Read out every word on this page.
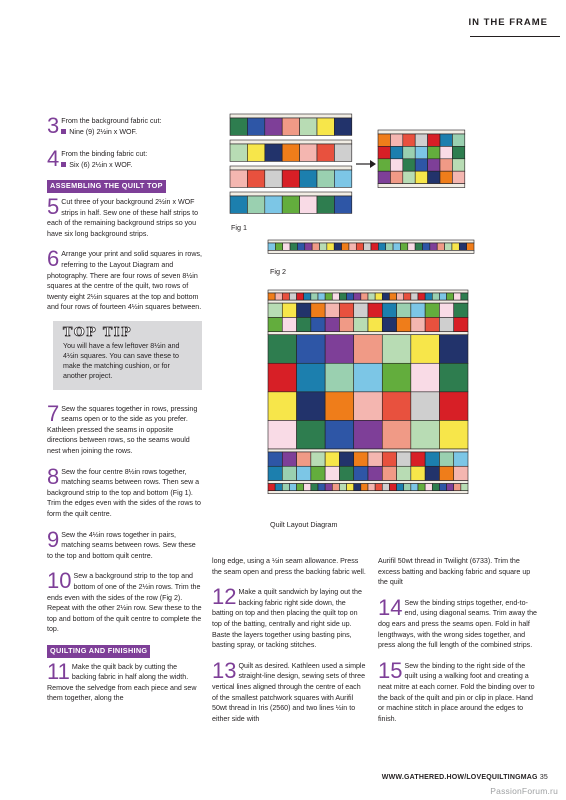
IN THE FRAME
3 From the background fabric cut:
Nine (9) 2½in x WOF.
4 From the binding fabric cut:
Six (6) 2½in x WOF.
ASSEMBLING THE QUILT TOP
5 Cut three of your background 2½in x WOF strips in half. Sew one of these half strips to each of the remaining background strips so you have six long background strips.
6 Arrange your print and solid squares in rows, referring to the Layout Diagram and photography. There are four rows of seven 8½in squares at the centre of the quilt, two rows of twenty eight 2½in squares at the top and bottom and four rows of fourteen 4½in squares between.
TOP TIP
You will have a few leftover 8½in and 4½in squares. You can save these to make the matching cushion, or for another project.
7 Sew the squares together in rows, pressing seams open or to the side as you prefer. Kathleen pressed the seams in opposite directions between rows, so the seams would nest when joining the rows.
8 Sew the four centre 8½in rows together, matching seams between rows. Then sew a background strip to the top and bottom (Fig 1). Trim the edges even with the sides of the rows to form the quilt centre.
9 Sew the 4½in rows together in pairs, matching seams between rows. Sew these to the top and bottom quilt centre.
10 Sew a background strip to the top and bottom of one of the 2½in rows. Trim the ends even with the sides of the row (Fig 2). Repeat with the other 2½in row. Sew these to the top and bottom of the quilt centre to complete the top.
QUILTING AND FINISHING
11 Make the quilt back by cutting the backing fabric in half along the width. Remove the selvedge from each piece and sew them together, along the
long edge, using a ½in seam allowance. Press the seam open and press the backing fabric well.
12 Make a quilt sandwich by laying out the backing fabric right side down, the batting on top and then placing the quilt top on top of the batting, centrally and right side up. Baste the layers together using basting pins, basting spray, or tacking stitches.
13 Quilt as desired. Kathleen used a simple straight-line design, sewing sets of three vertical lines aligned through the centre of each of the smallest patchwork squares with Aurifil 50wt thread in Iris (2560) and two lines ½in to either side with
Aurifil 50wt thread in Twilight (6733). Trim the excess batting and backing fabric and square up the quilt
14 Sew the binding strips together, end-to-end, using diagonal seams. Trim away the dog ears and press the seams open. Fold in half lengthways, with the wrong sides together, and press along the full length of the combined strips.
15 Sew the binding to the right side of the quilt using a walking foot and creating a neat mitre at each corner. Fold the binding over to the back of the quilt and pin or clip in place. Hand or machine stitch in place around the edges to finish.
Fig 1
Fig 2
Quilt Layout Diagram
WWW.GATHERED.HOW/LOVEQUILTINGMAG 35
PassionForum.ru
